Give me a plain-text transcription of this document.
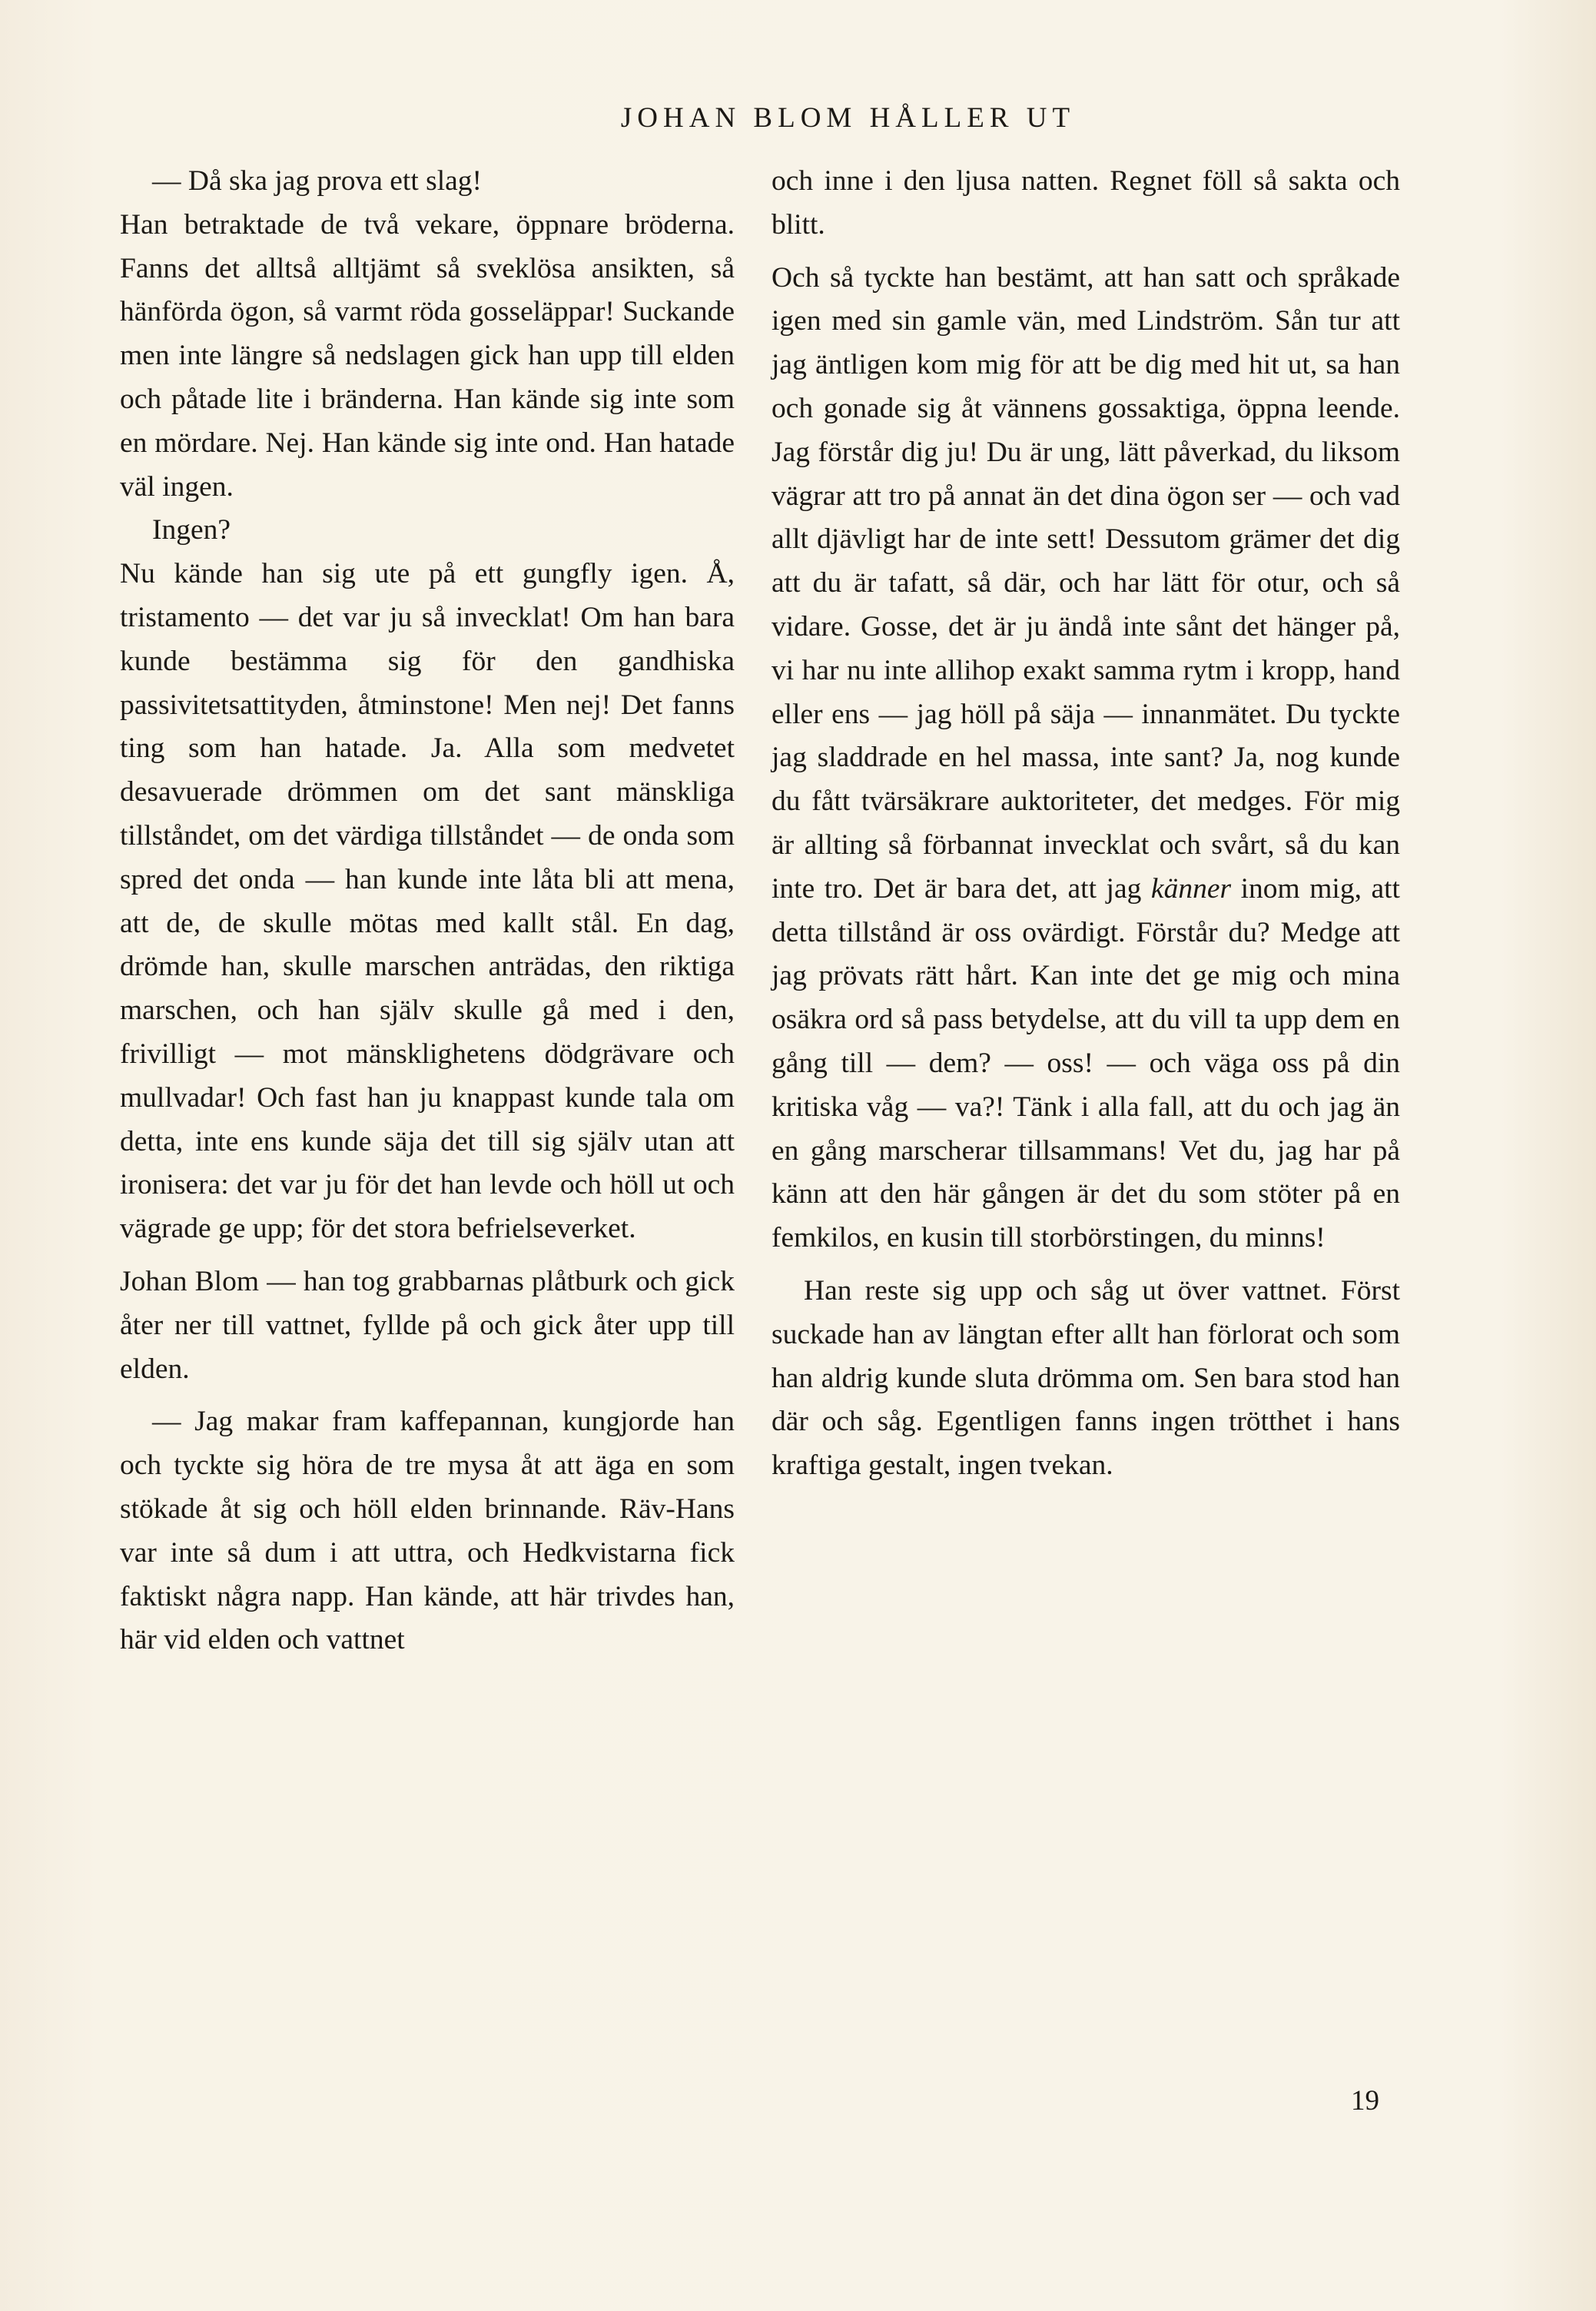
JOHAN BLOM HÅLLER UT

— Då ska jag prova ett slag!

Han betraktade de två vekare, öppnare bröderna. Fanns det alltså alltjämt så sveklösa ansikten, så hänförda ögon, så varmt röda gosseläppar! Suckande men inte längre så nedslagen gick han upp till elden och påtade lite i bränderna. Han kände sig inte som en mördare. Nej. Han kände sig inte ond. Han hatade väl ingen.

Ingen?

Nu kände han sig ute på ett gungfly igen. Å, tristamento — det var ju så invecklat! Om han bara kunde bestämma sig för den gandhiska passivitetsattityden, åtminstone! Men nej! Det fanns ting som han hatade. Ja. Alla som medvetet desavuerade drömmen om det sant mänskliga tillståndet, om det värdiga tillståndet — de onda som spred det onda — han kunde inte låta bli att mena, att de, de skulle mötas med kallt stål. En dag, drömde han, skulle marschen anträdas, den riktiga marschen, och han själv skulle gå med i den, frivilligt — mot mänsklighetens dödgrävare och mullvadar! Och fast han ju knappast kunde tala om detta, inte ens kunde säja det till sig själv utan att ironisera: det var ju för det han levde och höll ut och vägrade ge upp; för det stora befrielseverket.

Johan Blom — han tog grabbarnas plåtburk och gick åter ner till vattnet, fyllde på och gick åter upp till elden.

— Jag makar fram kaffepannan, kungjorde han och tyckte sig höra de tre mysa åt att äga en som stökade åt sig och höll elden brinnande. Räv-Hans var inte så dum i att uttra, och Hedkvistarna fick faktiskt några napp. Han kände, att här trivdes han, här vid elden och vattnet

och inne i den ljusa natten. Regnet föll så sakta och blitt.

Och så tyckte han bestämt, att han satt och språkade igen med sin gamle vän, med Lindström. Sån tur att jag äntligen kom mig för att be dig med hit ut, sa han och gonade sig åt vännens gossaktiga, öppna leende. Jag förstår dig ju! Du är ung, lätt påverkad, du liksom vägrar att tro på annat än det dina ögon ser — och vad allt djävligt har de inte sett! Dessutom grämer det dig att du är tafatt, så där, och har lätt för otur, och så vidare. Gosse, det är ju ändå inte sånt det hänger på, vi har nu inte allihop exakt samma rytm i kropp, hand eller ens — jag höll på säja — innanmätet. Du tyckte jag sladdrade en hel massa, inte sant? Ja, nog kunde du fått tvärsäkrare auktoriteter, det medges. För mig är allting så förbannat invecklat och svårt, så du kan inte tro. Det är bara det, att jag känner inom mig, att detta tillstånd är oss ovärdigt. Förstår du? Medge att jag prövats rätt hårt. Kan inte det ge mig och mina osäkra ord så pass betydelse, att du vill ta upp dem en gång till — dem? — oss! — och väga oss på din kritiska våg — va?! Tänk i alla fall, att du och jag än en gång marscherar tillsammans! Vet du, jag har på känn att den här gången är det du som stöter på en femkilos, en kusin till storbörstingen, du minns!

Han reste sig upp och såg ut över vattnet. Först suckade han av längtan efter allt han förlorat och som han aldrig kunde sluta drömma om. Sen bara stod han där och såg. Egentligen fanns ingen trötthet i hans kraftiga gestalt, ingen tvekan.

19
